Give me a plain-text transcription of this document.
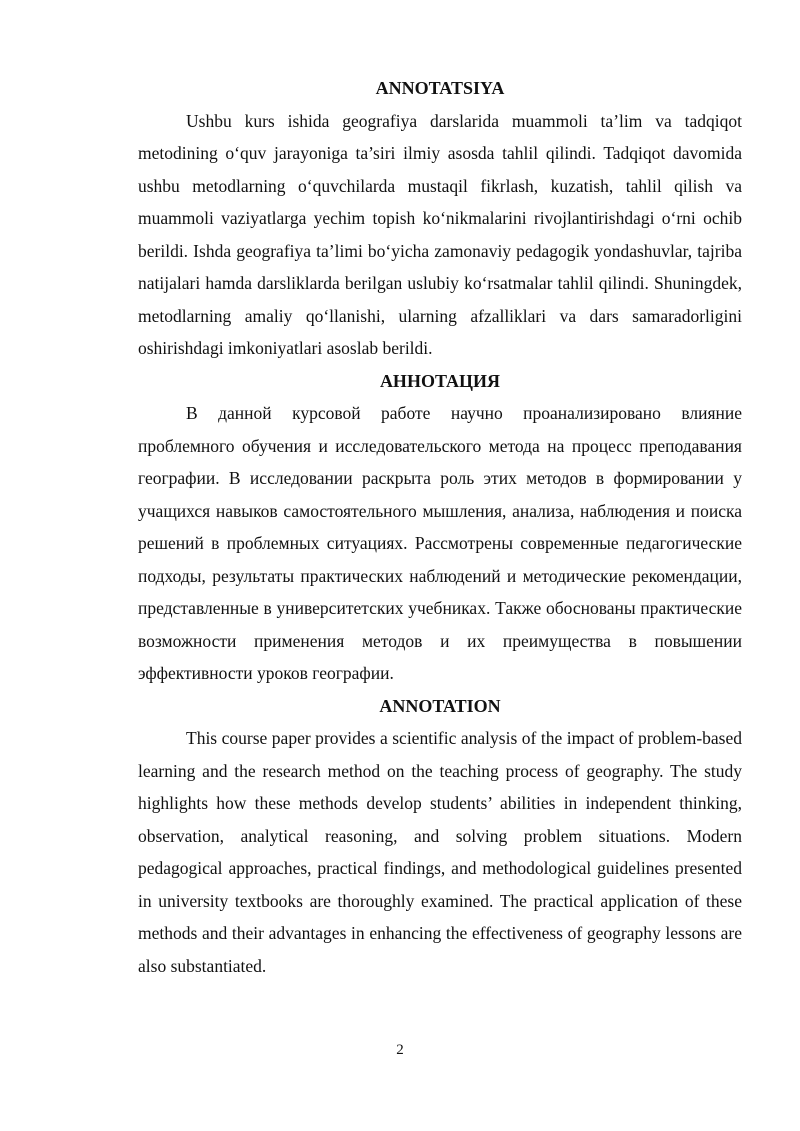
ANNOTATSIYA

Ushbu kurs ishida geografiya darslarida muammoli ta’lim va tadqiqot metodining o‘quv jarayoniga ta’siri ilmiy asosda tahlil qilindi. Tadqiqot davomida ushbu metodlarning o‘quvchilarda mustaqil fikrlash, kuzatish, tahlil qilish va muammoli vaziyatlarga yechim topish ko‘nikmalarini rivojlantirishdagi o‘rni ochib berildi. Ishda geografiya ta’limi bo‘yicha zamonaviy pedagogik yondashuvlar, tajriba natijalari hamda darsliklarda berilgan uslubiy ko‘rsatmalar tahlil qilindi. Shuningdek, metodlarning amaliy qo‘llanishi, ularning afzalliklari va dars samaradorligini oshirishdagi imkoniyatlari asoslab berildi.

АННОТАЦИЯ

В данной курсовой работе научно проанализировано влияние проблемного обучения и исследовательского метода на процесс преподавания географии. В исследовании раскрыта роль этих методов в формировании у учащихся навыков самостоятельного мышления, анализа, наблюдения и поиска решений в проблемных ситуациях. Рассмотрены современные педагогические подходы, результаты практических наблюдений и методические рекомендации, представленные в университетских учебниках. Также обоснованы практические возможности применения методов и их преимущества в повышении эффективности уроков географии.

ANNOTATION

This course paper provides a scientific analysis of the impact of problem-based learning and the research method on the teaching process of geography. The study highlights how these methods develop students’ abilities in independent thinking, observation, analytical reasoning, and solving problem situations. Modern pedagogical approaches, practical findings, and methodological guidelines presented in university textbooks are thoroughly examined. The practical application of these methods and their advantages in enhancing the effectiveness of geography lessons are also substantiated.

2
